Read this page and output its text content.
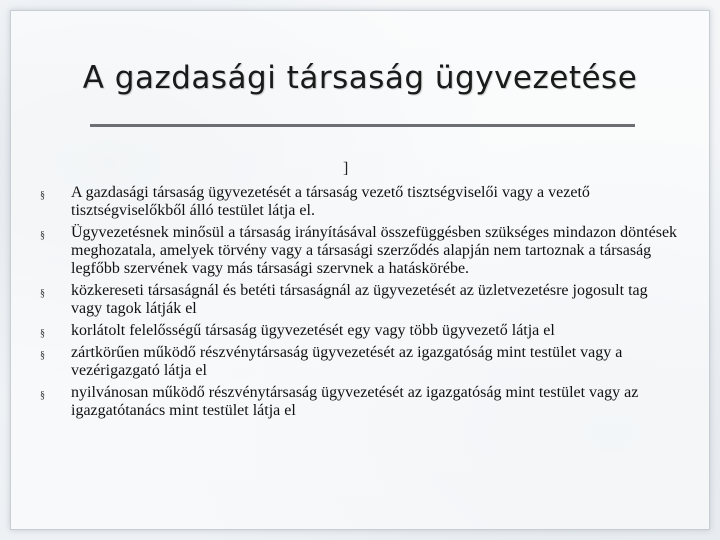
A gazdasági társaság ügyvezetése
]
§ A gazdasági társaság ügyvezetését a társaság vezető tisztségviselői vagy a vezető tisztségviselőkből álló testület látja el.
§ Ügyvezetésnek minősül a társaság irányításával összefüggésben szükséges mindazon döntések meghozatala, amelyek törvény vagy a társasági szerződés alapján nem tartoznak a társaság legfőbb szervének vagy más társasági szervnek a hatáskörébe.
§ közkereseti társaságnál és betéti társaságnál az ügyvezetését az üzletvezetésre jogosult tag vagy tagok látják el
§ korlátolt felelősségű társaság ügyvezetését egy vagy több ügyvezető látja el
§ zártkörűen működő részvénytársaság ügyvezetését az igazgatóság mint testület vagy a vezérigazgató látja el
§ nyilvánosan működő részvénytársaság ügyvezetését az igazgatóság mint testület vagy az igazgatótanács mint testület látja el
